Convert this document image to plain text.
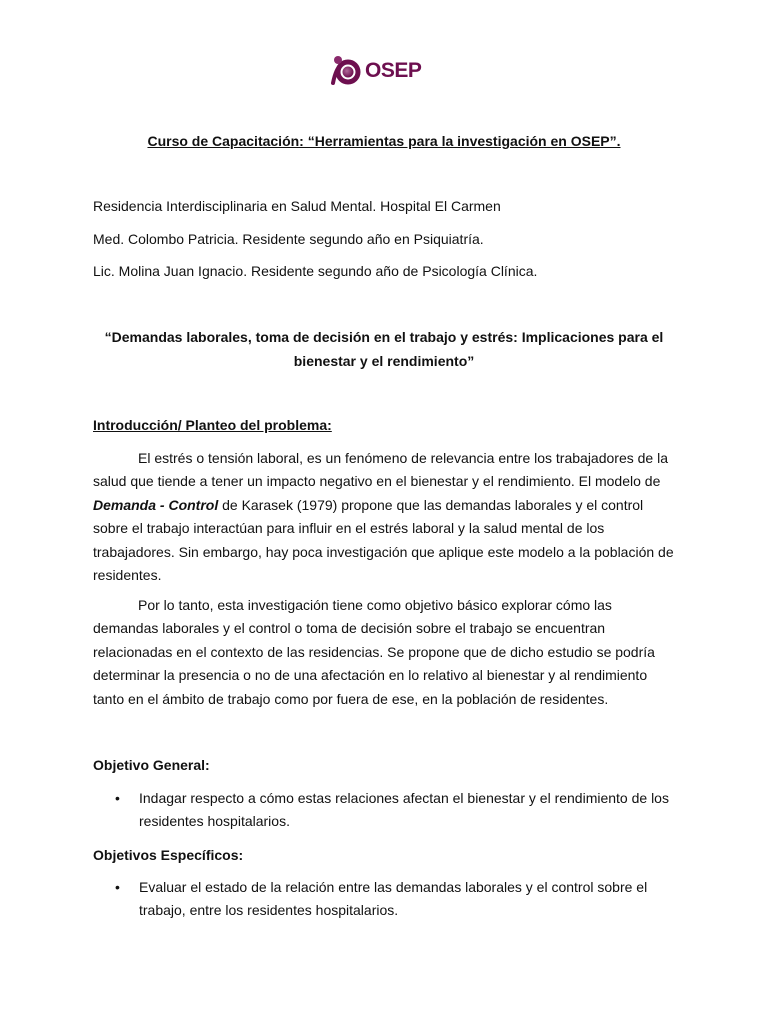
OSEP
Curso de Capacitación: “Herramientas para la investigación en OSEP”.
Residencia Interdisciplinaria en Salud Mental. Hospital El Carmen
Med. Colombo Patricia. Residente segundo año en Psiquiatría.
Lic. Molina Juan Ignacio. Residente segundo año de Psicología Clínica.
“Demandas laborales, toma de decisión en el trabajo y estrés: Implicaciones para el
bienestar y el rendimiento”
Introducción/ Planteo del problema:

El estrés o tensión laboral, es un fenómeno de relevancia entre los trabajadores de la salud que tiende a tener un impacto negativo en el bienestar y el rendimiento. El modelo de Demanda - Control de Karasek (1979) propone que las demandas laborales y el control sobre el trabajo interactúan para influir en el estrés laboral y la salud mental de los trabajadores. Sin embargo, hay poca investigación que aplique este modelo a la población de residentes.

Por lo tanto, esta investigación tiene como objetivo básico explorar cómo las demandas laborales y el control o toma de decisión sobre el trabajo se encuentran relacionadas en el contexto de las residencias. Se propone que de dicho estudio se podría determinar la presencia o no de una afectación en lo relativo al bienestar y al rendimiento tanto en el ámbito de trabajo como por fuera de ese, en la población de residentes.

Objetivo General:
•	Indagar respecto a cómo estas relaciones afectan el bienestar y el rendimiento de los residentes hospitalarios.
Objetivos Específicos:
•	Evaluar el estado de la relación entre las demandas laborales y el control sobre el trabajo, entre los residentes hospitalarios.
